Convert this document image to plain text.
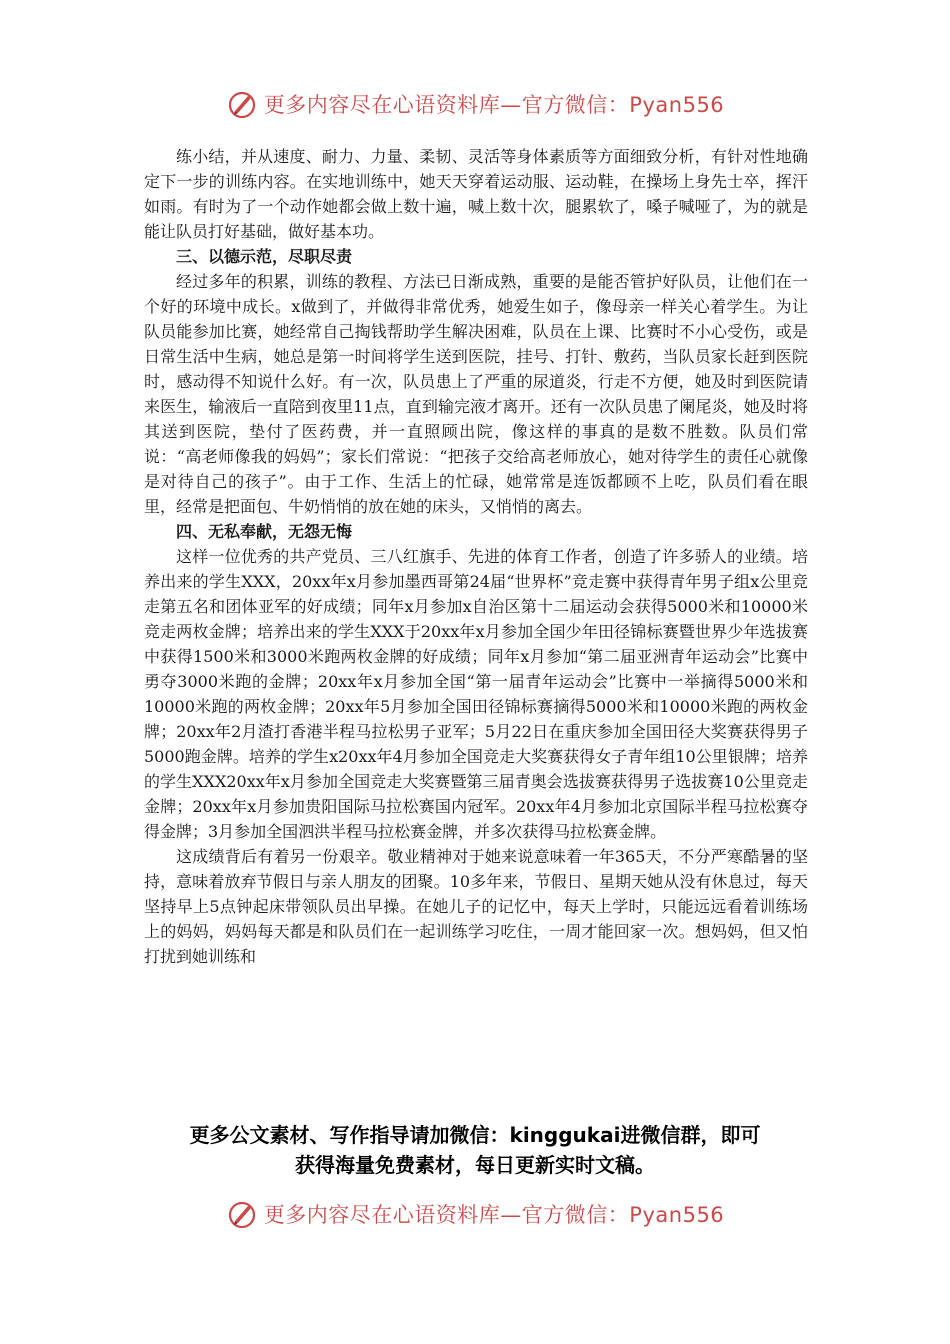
更多内容尽在心语资料库—官方微信：Pyan556

练小结，并从速度、耐力、力量、柔韧、灵活等身体素质等方面细致分析，有针对性地确定下一步的训练内容。在实地训练中，她天天穿着运动服、运动鞋，在操场上身先士卒，挥汗如雨。有时为了一个动作她都会做上数十遍，喊上数十次，腿累软了，嗓子喊哑了，为的就是能让队员打好基础，做好基本功。

三、以德示范，尽职尽责

经过多年的积累，训练的教程、方法已日渐成熟，重要的是能否管护好队员，让他们在一个好的环境中成长。x做到了，并做得非常优秀，她爱生如子，像母亲一样关心着学生。为让队员能参加比赛，她经常自己掏钱帮助学生解决困难，队员在上课、比赛时不小心受伤，或是日常生活中生病，她总是第一时间将学生送到医院，挂号、打针、敷药，当队员家长赶到医院时，感动得不知说什么好。有一次，队员患上了严重的尿道炎，行走不方便，她及时到医院请来医生，输液后一直陪到夜里11点，直到输完液才离开。还有一次队员患了阑尾炎，她及时将其送到医院，垫付了医药费，并一直照顾出院，像这样的事真的是数不胜数。队员们常说：“高老师像我的妈妈”；家长们常说：“把孩子交给高老师放心，她对待学生的责任心就像是对待自己的孩子”。由于工作、生活上的忙碌，她常常是连饭都顾不上吃，队员们看在眼里，经常是把面包、牛奶悄悄的放在她的床头，又悄悄的离去。

四、无私奉献，无怨无悔

这样一位优秀的共产党员、三八红旗手、先进的体育工作者，创造了许多骄人的业绩。培养出来的学生XXX，20xx年x月参加墨西哥第24届“世界杯”竞走赛中获得青年男子组x公里竞走第五名和团体亚军的好成绩；同年x月参加x自治区第十二届运动会获得5000米和10000米竞走两枚金牌；培养出来的学生XXX于20xx年x月参加全国少年田径锦标赛暨世界少年选拔赛中获得1500米和3000米跑两枚金牌的好成绩；同年x月参加“第二届亚洲青年运动会”比赛中勇夺3000米跑的金牌；20xx年x月参加全国“第一届青年运动会”比赛中一举摘得5000米和10000米跑的两枚金牌；20xx年5月参加全国田径锦标赛摘得5000米和10000米跑的两枚金牌；20xx年2月渣打香港半程马拉松男子亚军；5月22日在重庆参加全国田径大奖赛获得男子5000跑金牌。培养的学生x20xx年4月参加全国竞走大奖赛获得女子青年组10公里银牌；培养的学生XXX20xx年x月参加全国竞走大奖赛暨第三届青奥会选拔赛获得男子选拔赛10公里竞走金牌；20xx年x月参加贵阳国际马拉松赛国内冠军。20xx年4月参加北京国际半程马拉松赛夺得金牌；3月参加全国泗洪半程马拉松赛金牌，并多次获得马拉松赛金牌。

这成绩背后有着另一份艰辛。敬业精神对于她来说意味着一年365天，不分严寒酷暑的坚持，意味着放弃节假日与亲人朋友的团聚。10多年来，节假日、星期天她从没有休息过，每天坚持早上5点钟起床带领队员出早操。在她儿子的记忆中，每天上学时，只能远远看着训练场上的妈妈，妈妈每天都是和队员们在一起训练学习吃住，一周才能回家一次。想妈妈，但又怕打扰到她训练和

更多公文素材、写作指导请加微信：kinggukai进微信群，即可
获得海量免费素材，每日更新实时文稿。
更多内容尽在心语资料库—官方微信：Pyan556
